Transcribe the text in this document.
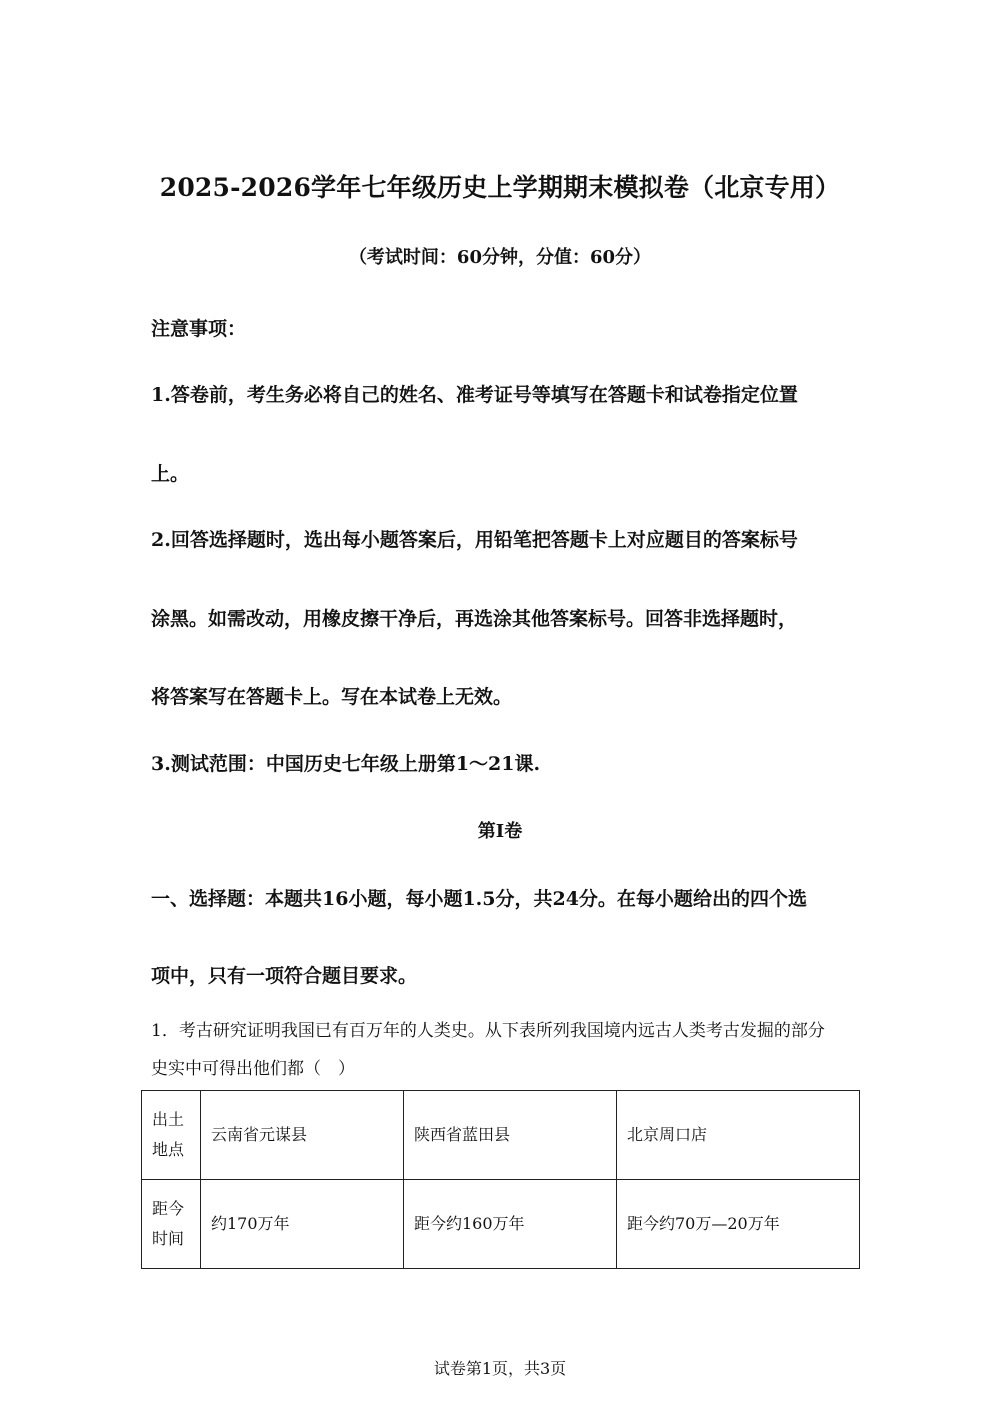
2025-2026学年七年级历史上学期期末模拟卷（北京专用）
（考试时间：60分钟，分值：60分）
注意事项：
1.答卷前，考生务必将自己的姓名、准考证号等填写在答题卡和试卷指定位置
上。
2.回答选择题时，选出每小题答案后，用铅笔把答题卡上对应题目的答案标号
涂黑。如需改动，用橡皮擦干净后，再选涂其他答案标号。回答非选择题时，
将答案写在答题卡上。写在本试卷上无效。
3.测试范围：中国历史七年级上册第1～21课.
第Ⅰ卷
一、选择题：本题共16小题，每小题1.5分，共24分。在每小题给出的四个选
项中，只有一项符合题目要求。
1．考古研究证明我国已有百万年的人类史。从下表所列我国境内远古人类考古发掘的部分
史实中可得出他们都（　）
出土地点	云南省元谋县	陕西省蓝田县	北京周口店
距今时间	约170万年	距今约160万年	距今约70万—20万年
试卷第1页，共3页
